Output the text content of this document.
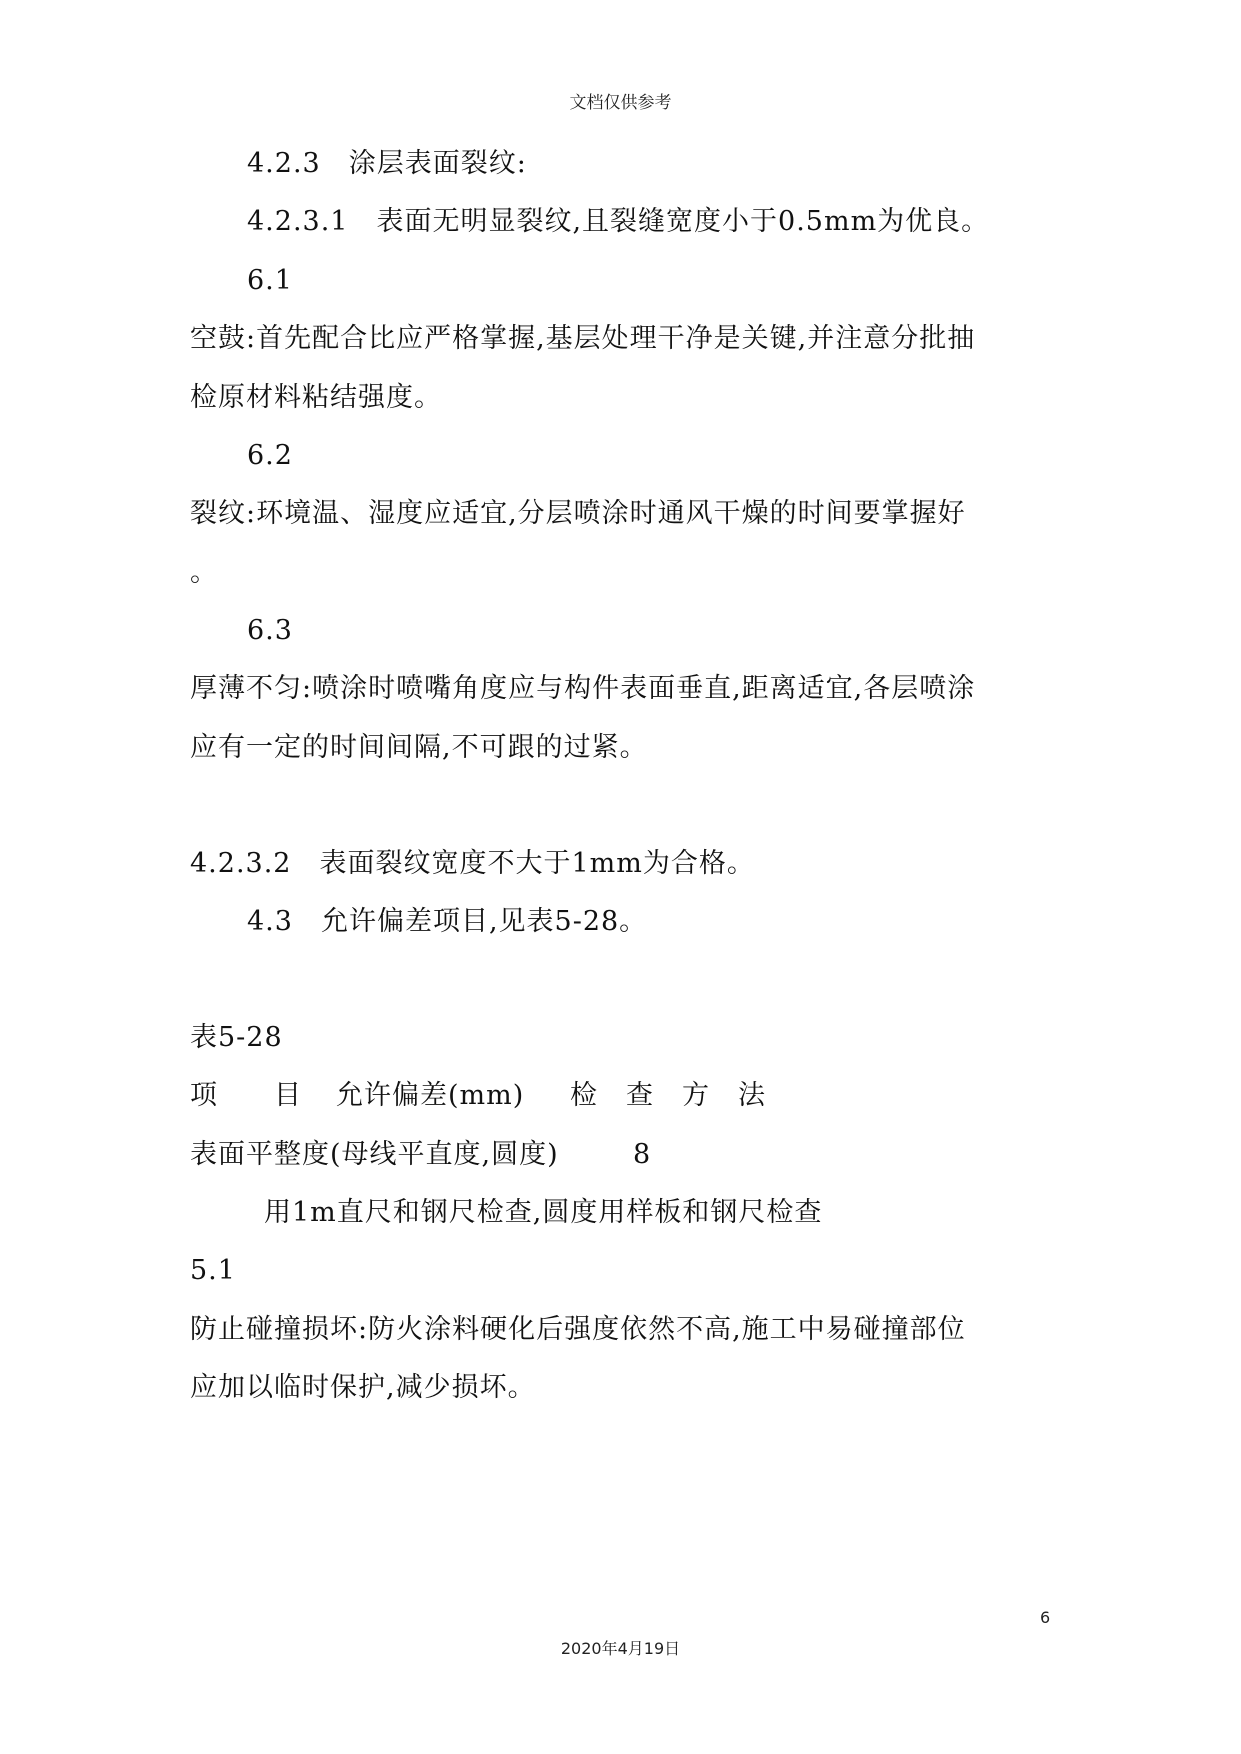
文档仅供参考
4.2.3　涂层表面裂纹:
4.2.3.1　表面无明显裂纹,且裂缝宽度小于0.5mm为优良。
6.1
空鼓:首先配合比应严格掌握,基层处理干净是关键,并注意分批抽
检原材料粘结强度。
6.2
裂纹:环境温、湿度应适宜,分层喷涂时通风干燥的时间要掌握好
。
6.3
厚薄不匀:喷涂时喷嘴角度应与构件表面垂直,距离适宜,各层喷涂
应有一定的时间间隔,不可跟的过紧。
4.2.3.2　表面裂纹宽度不大于1mm为合格。
4.3　允许偏差项目,见表5-28。
表5-28
项　　目 允许偏差(mm) 检　查　方　法
表面平整度(母线平直度,圆度)	8
用1m直尺和钢尺检查,圆度用样板和钢尺检查
5.1
防止碰撞损坏:防火涂料硬化后强度依然不高,施工中易碰撞部位
应加以临时保护,减少损坏。
6
2020年4月19日
